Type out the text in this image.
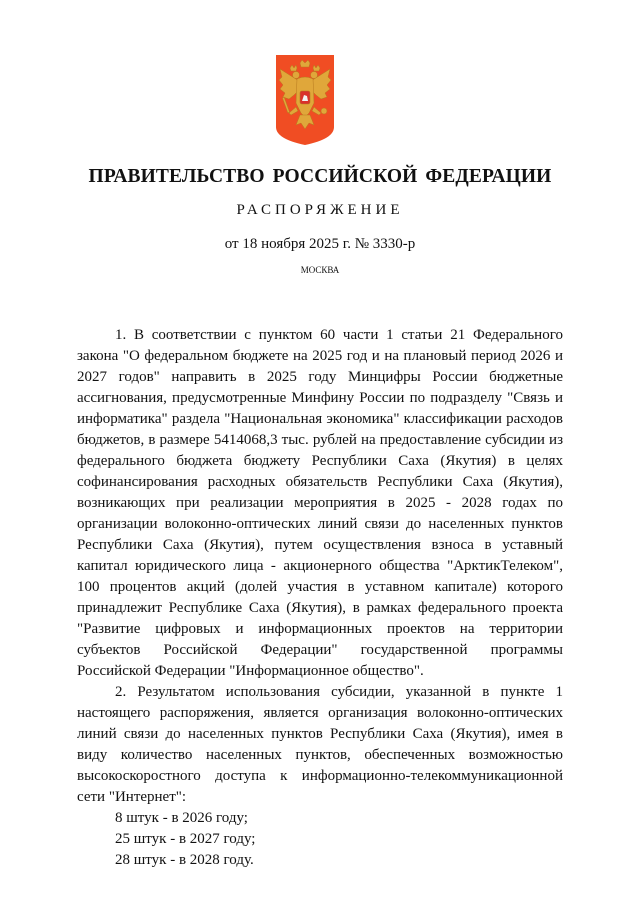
ПРАВИТЕЛЬСТВО РОССИЙСКОЙ ФЕДЕРАЦИИ
РАСПОРЯЖЕНИЕ
от 18 ноября 2025 г. № 3330-р
МОСКВА

1. В соответствии с пунктом 60 части 1 статьи 21 Федерального закона "О федеральном бюджете на 2025 год и на плановый период 2026 и 2027 годов" направить в 2025 году Минцифры России бюджетные ассигнования, предусмотренные Минфину России по подразделу "Связь и информатика" раздела "Национальная экономика" классификации расходов бюджетов, в размере 5414068,3 тыс. рублей на предоставление субсидии из федерального бюджета бюджету Республики Саха (Якутия) в целях софинансирования расходных обязательств Республики Саха (Якутия), возникающих при реализации мероприятия в 2025 - 2028 годах по организации волоконно-оптических линий связи до населенных пунктов Республики Саха (Якутия), путем осуществления взноса в уставный капитал юридического лица - акционерного общества "АрктикТелеком", 100 процентов акций (долей участия в уставном капитале) которого принадлежит Республике Саха (Якутия), в рамках федерального проекта "Развитие цифровых и информационных проектов на территории субъектов Российской Федерации" государственной программы Российской Федерации "Информационное общество".

2. Результатом использования субсидии, указанной в пункте 1 настоящего распоряжения, является организация волоконно-оптических линий связи до населенных пунктов Республики Саха (Якутия), имея в виду количество населенных пунктов, обеспеченных возможностью высокоскоростного доступа к информационно-телекоммуникационной сети "Интернет":

8 штук - в 2026 году;
25 штук - в 2027 году;
28 штук - в 2028 году.
